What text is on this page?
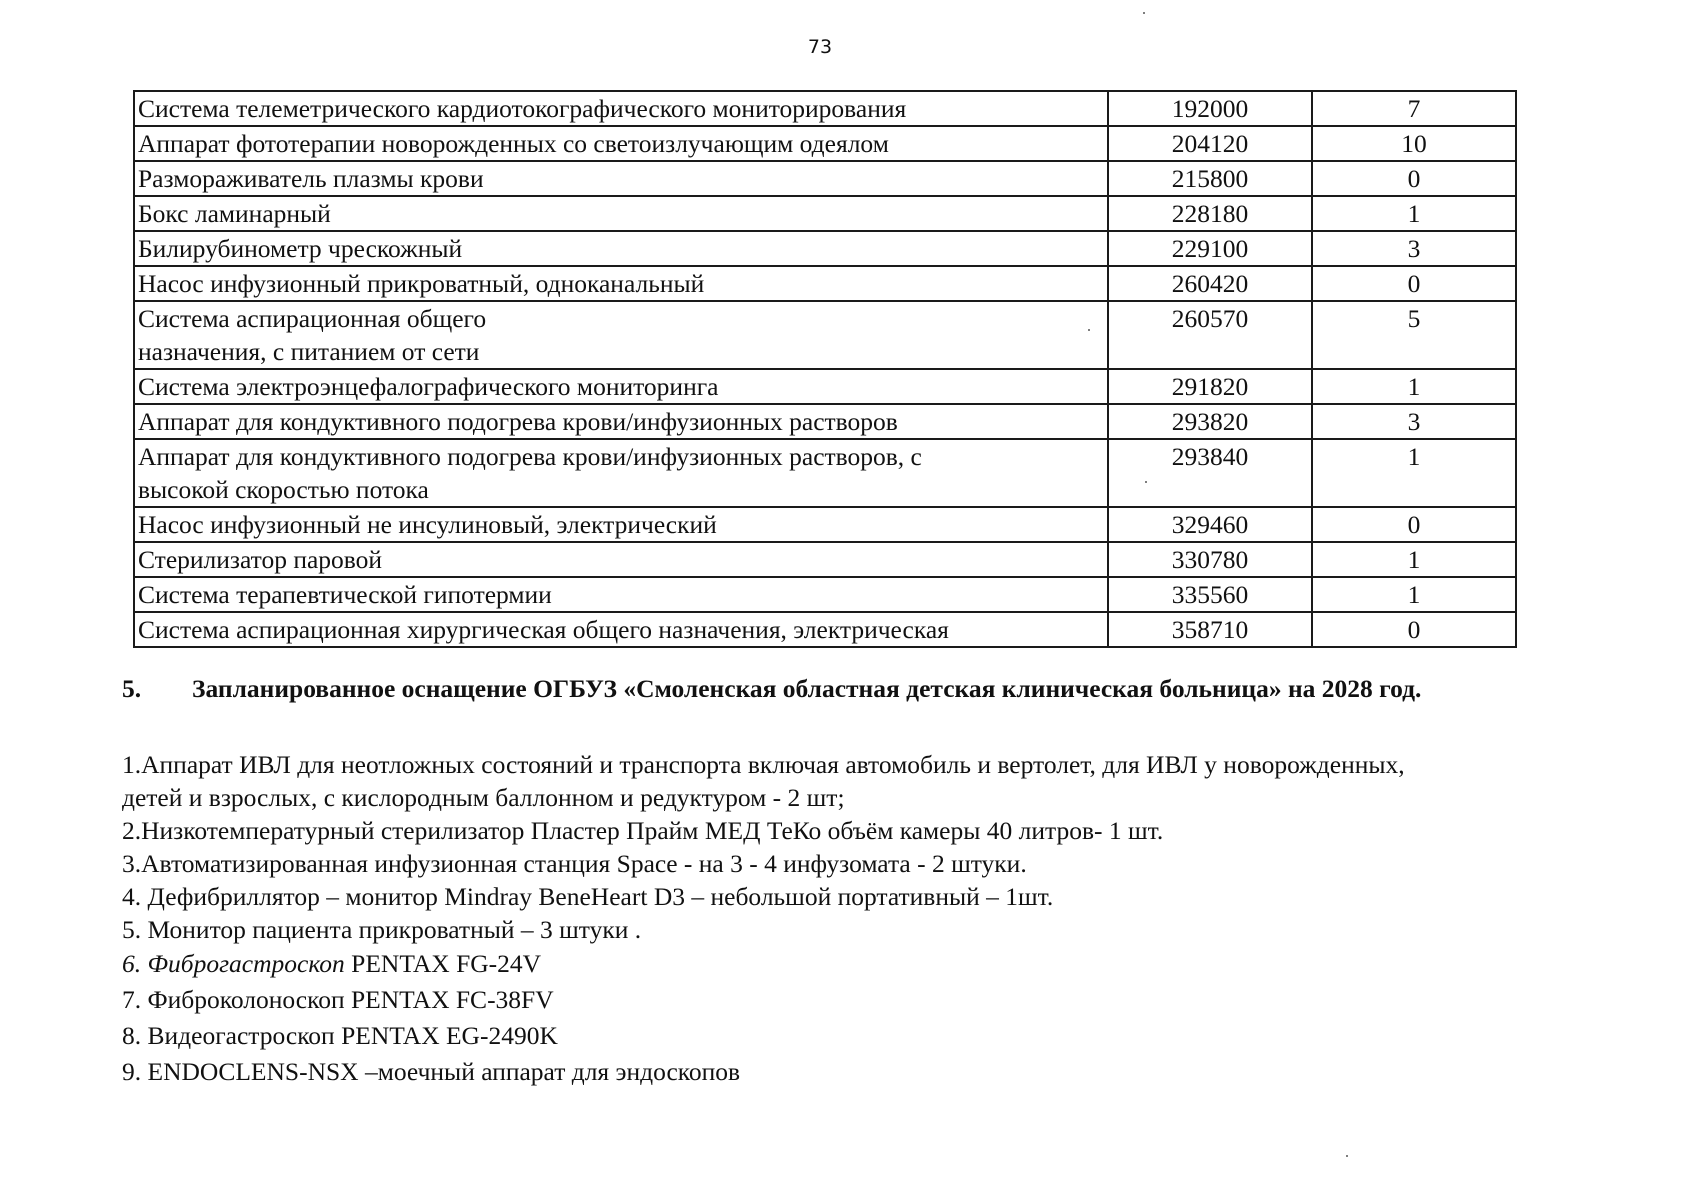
73
Система телеметрического кардиотокографического мониторирования	192000	7

Аппарат фототерапии новорожденных со светоизлучающим одеялом	204120	10

Размораживатель плазмы крови	215800	0

Бокс ламинарный	228180	1

Билирубинометр чрескожный	229100	3

Насос инфузионный прикроватный, одноканальный	260420	0

Система аспирационная общего
назначения, с питанием от сети	260570	5

Система электроэнцефалографического мониторинга	291820	1

Аппарат для кондуктивного подогрева крови/инфузионных растворов	293820	3

Аппарат для кондуктивного подогрева крови/инфузионных растворов, с
высокой скоростью потока	293840	1

Насос инфузионный не инсулиновый, электрический	329460	0

Стерилизатор паровой	330780	1

Система терапевтической гипотермии	335560	1

Система аспирационная хирургическая общего назначения, электрическая	358710	0
5. Запланированное оснащение ОГБУЗ «Смоленская областная детская клиническая больница» на 2028 год.
1.Аппарат ИВЛ для неотложных состояний и транспорта включая автомобиль и вертолет, для ИВЛ у новорожденных,
детей и взрослых, с кислородным баллонном и редуктуром - 2 шт;
2.Низкотемпературный стерилизатор Пластер Прайм МЕД ТеКо объём камеры 40 литров- 1 шт.
3.Автоматизированная инфузионная станция Space - на 3 - 4 инфузомата - 2 штуки.
4. Дефибриллятор – монитор Mindray BeneHeart D3 – небольшой портативный – 1шт.
5. Монитор пациента прикроватный – 3 штуки .
6. Фиброгастроскоп PENTAX FG-24V
7. Фиброколоноскоп PENTAX FC-38FV
8. Видеогастроскоп PENTAX EG-2490K
9. ENDOCLENS-NSX –моечный аппарат для эндоскопов
